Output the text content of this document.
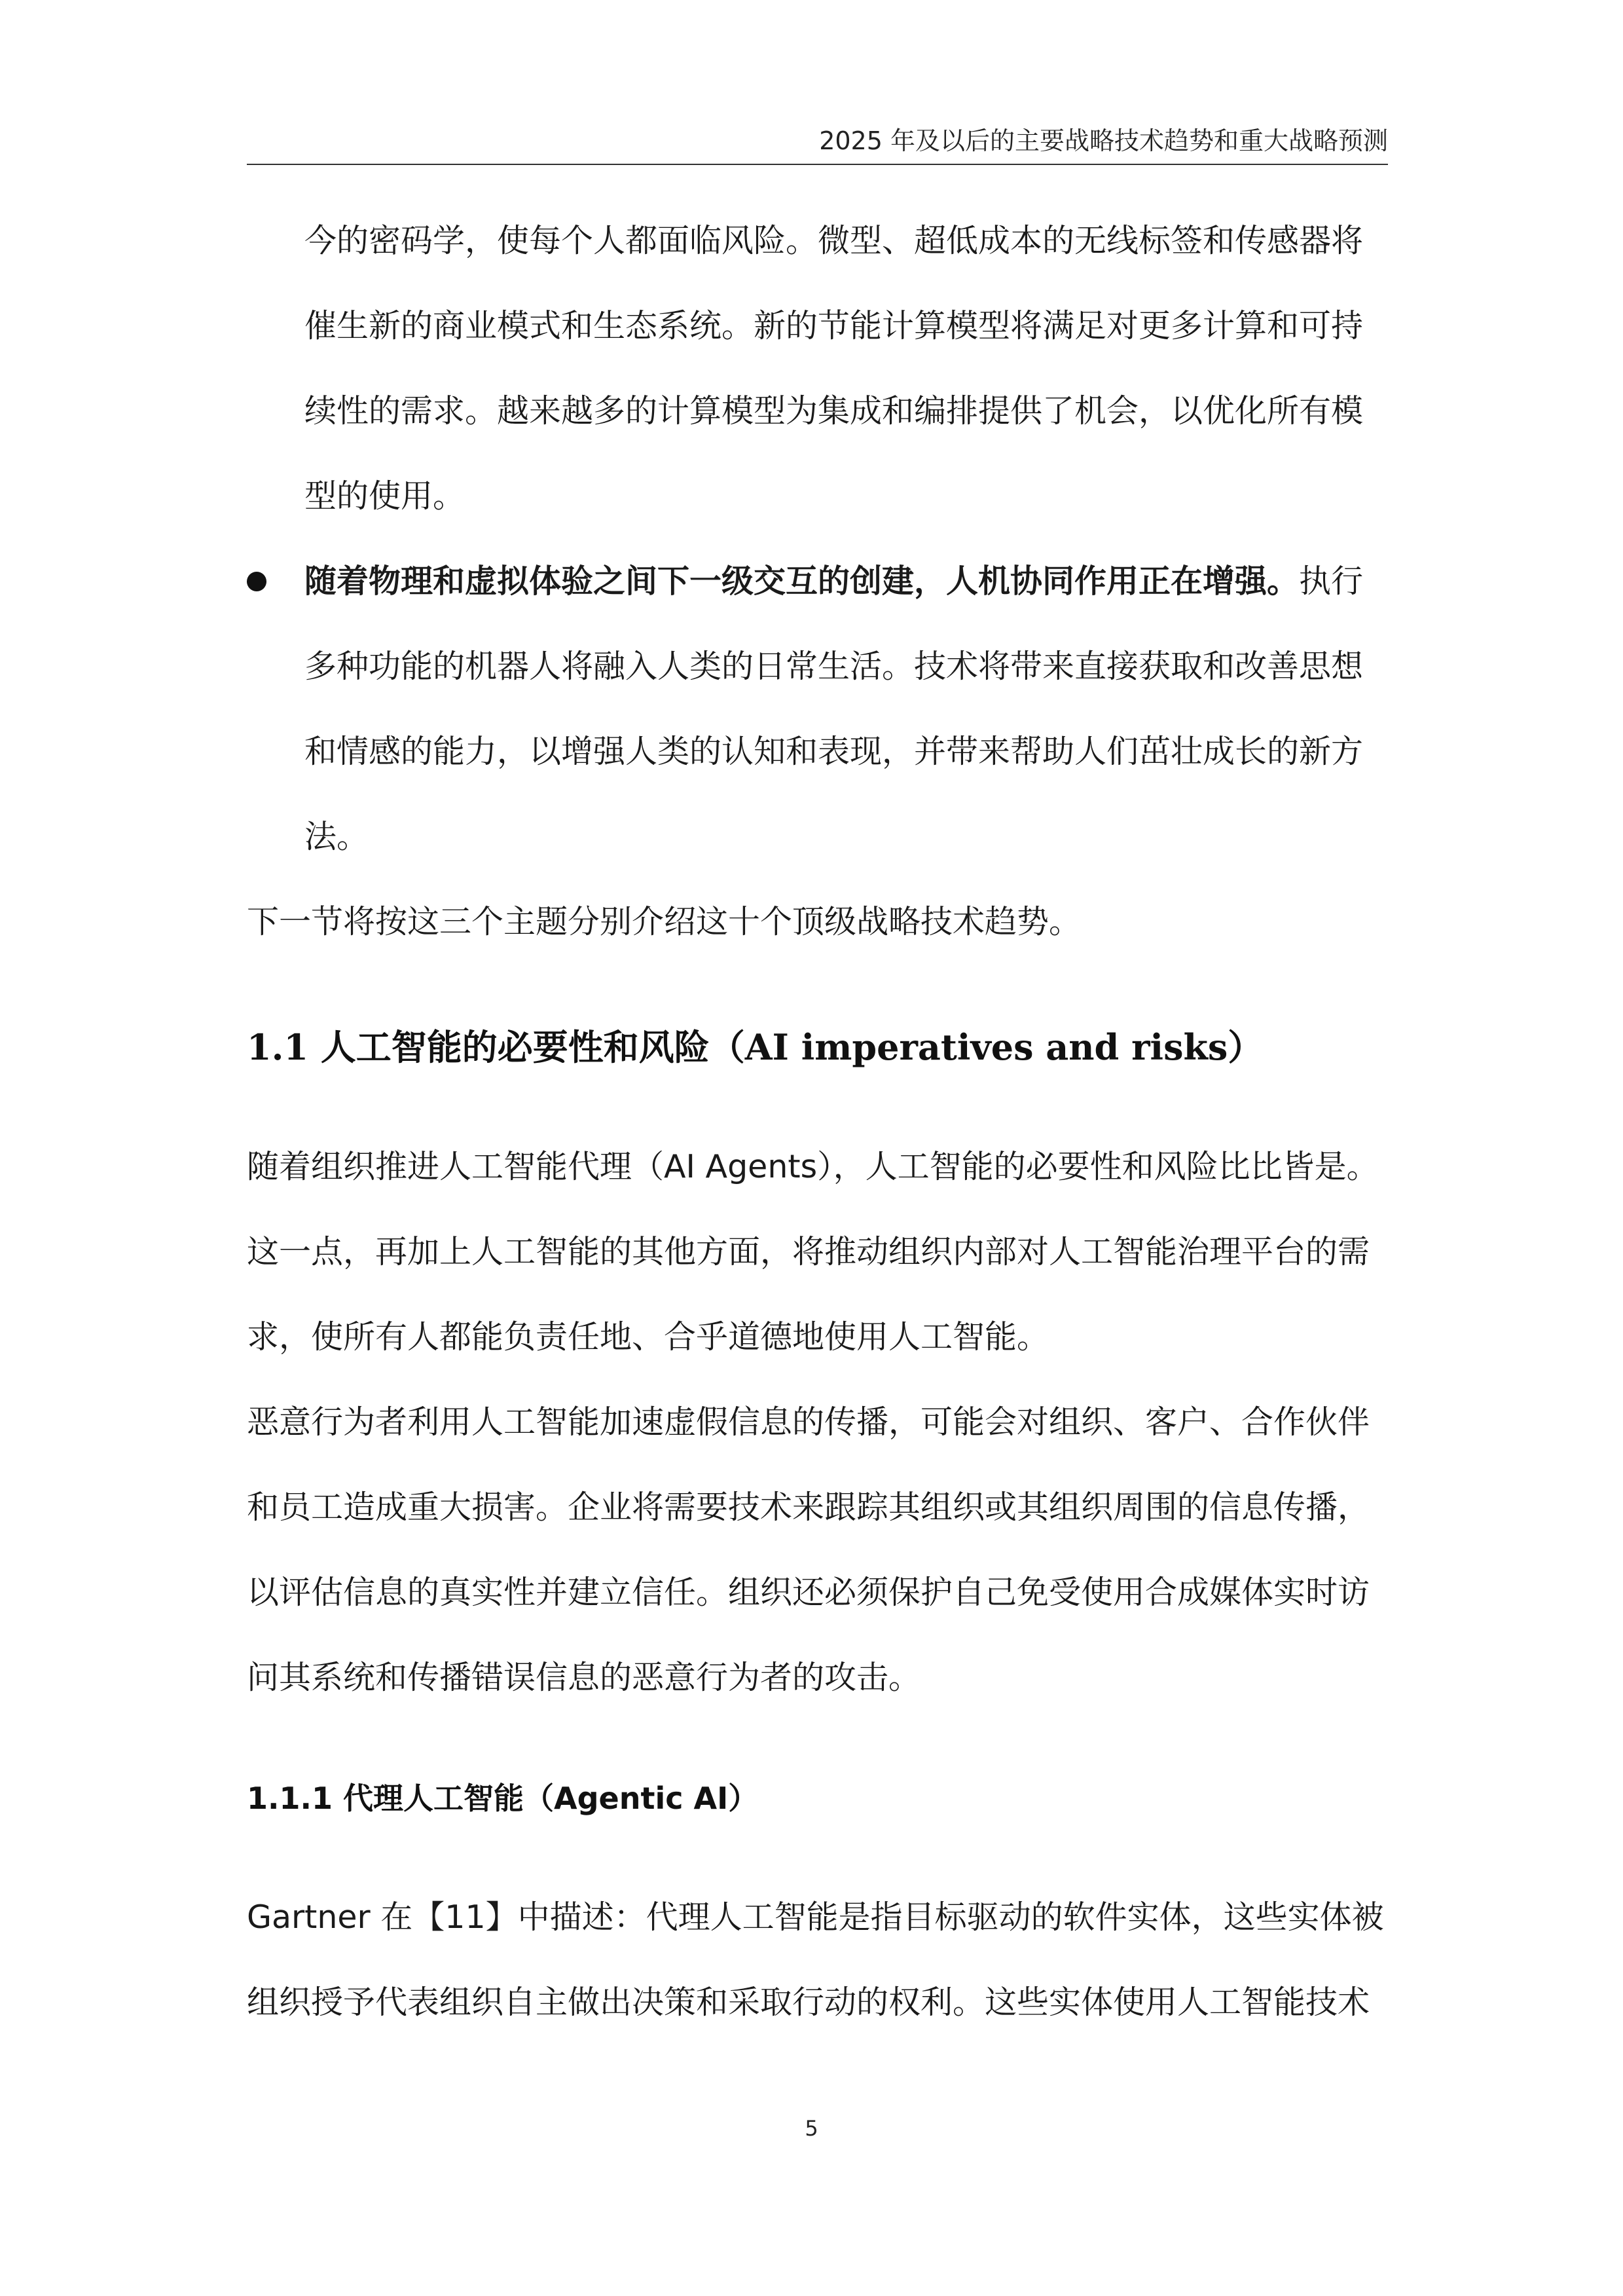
2025 年及以后的主要战略技术趋势和重大战略预测
今的密码学，使每个人都面临风险。微型、超低成本的无线标签和传感器将
催生新的商业模式和生态系统。新的节能计算模型将满足对更多计算和可持
续性的需求。越来越多的计算模型为集成和编排提供了机会，以优化所有模
型的使用。
随着物理和虚拟体验之间下一级交互的创建，人机协同作用正在增强。执行
多种功能的机器人将融入人类的日常生活。技术将带来直接获取和改善思想
和情感的能力，以增强人类的认知和表现，并带来帮助人们茁壮成长的新方
法。
下一节将按这三个主题分别介绍这十个顶级战略技术趋势。
1.1 人工智能的必要性和风险（AI imperatives and risks）
随着组织推进人工智能代理（AI Agents），人工智能的必要性和风险比比皆是。
这一点，再加上人工智能的其他方面，将推动组织内部对人工智能治理平台的需
求，使所有人都能负责任地、合乎道德地使用人工智能。
恶意行为者利用人工智能加速虚假信息的传播，可能会对组织、客户、合作伙伴
和员工造成重大损害。企业将需要技术来跟踪其组织或其组织周围的信息传播，
以评估信息的真实性并建立信任。组织还必须保护自己免受使用合成媒体实时访
问其系统和传播错误信息的恶意行为者的攻击。
1.1.1 代理人工智能（Agentic AI）
Gartner 在【11】中描述：代理人工智能是指目标驱动的软件实体，这些实体被
组织授予代表组织自主做出决策和采取行动的权利。这些实体使用人工智能技术
5
